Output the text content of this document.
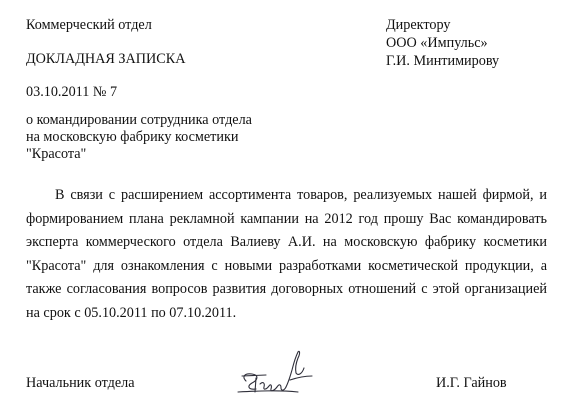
Коммерческий отдел
ДОКЛАДНАЯ ЗАПИСКА
03.10.2011 № 7
о командировании сотрудника отдела
на московскую фабрику косметики
"Красота"
Директору
ООО «Импульс»
Г.И. Минтимирову
В связи с расширением ассортимента товаров, реализуемых нашей фирмой, и формированием плана рекламной кампании на 2012 год прошу Вас командировать эксперта коммерческого отдела Валиеву А.И. на московскую фабрику косметики "Красота" для ознакомления с новыми разработками косметической продукции, а также согласования вопросов развития договорных отношений с этой организацией на срок с 05.10.2011 по 07.10.2011.
Начальник отдела	И.Г. Гайнов
